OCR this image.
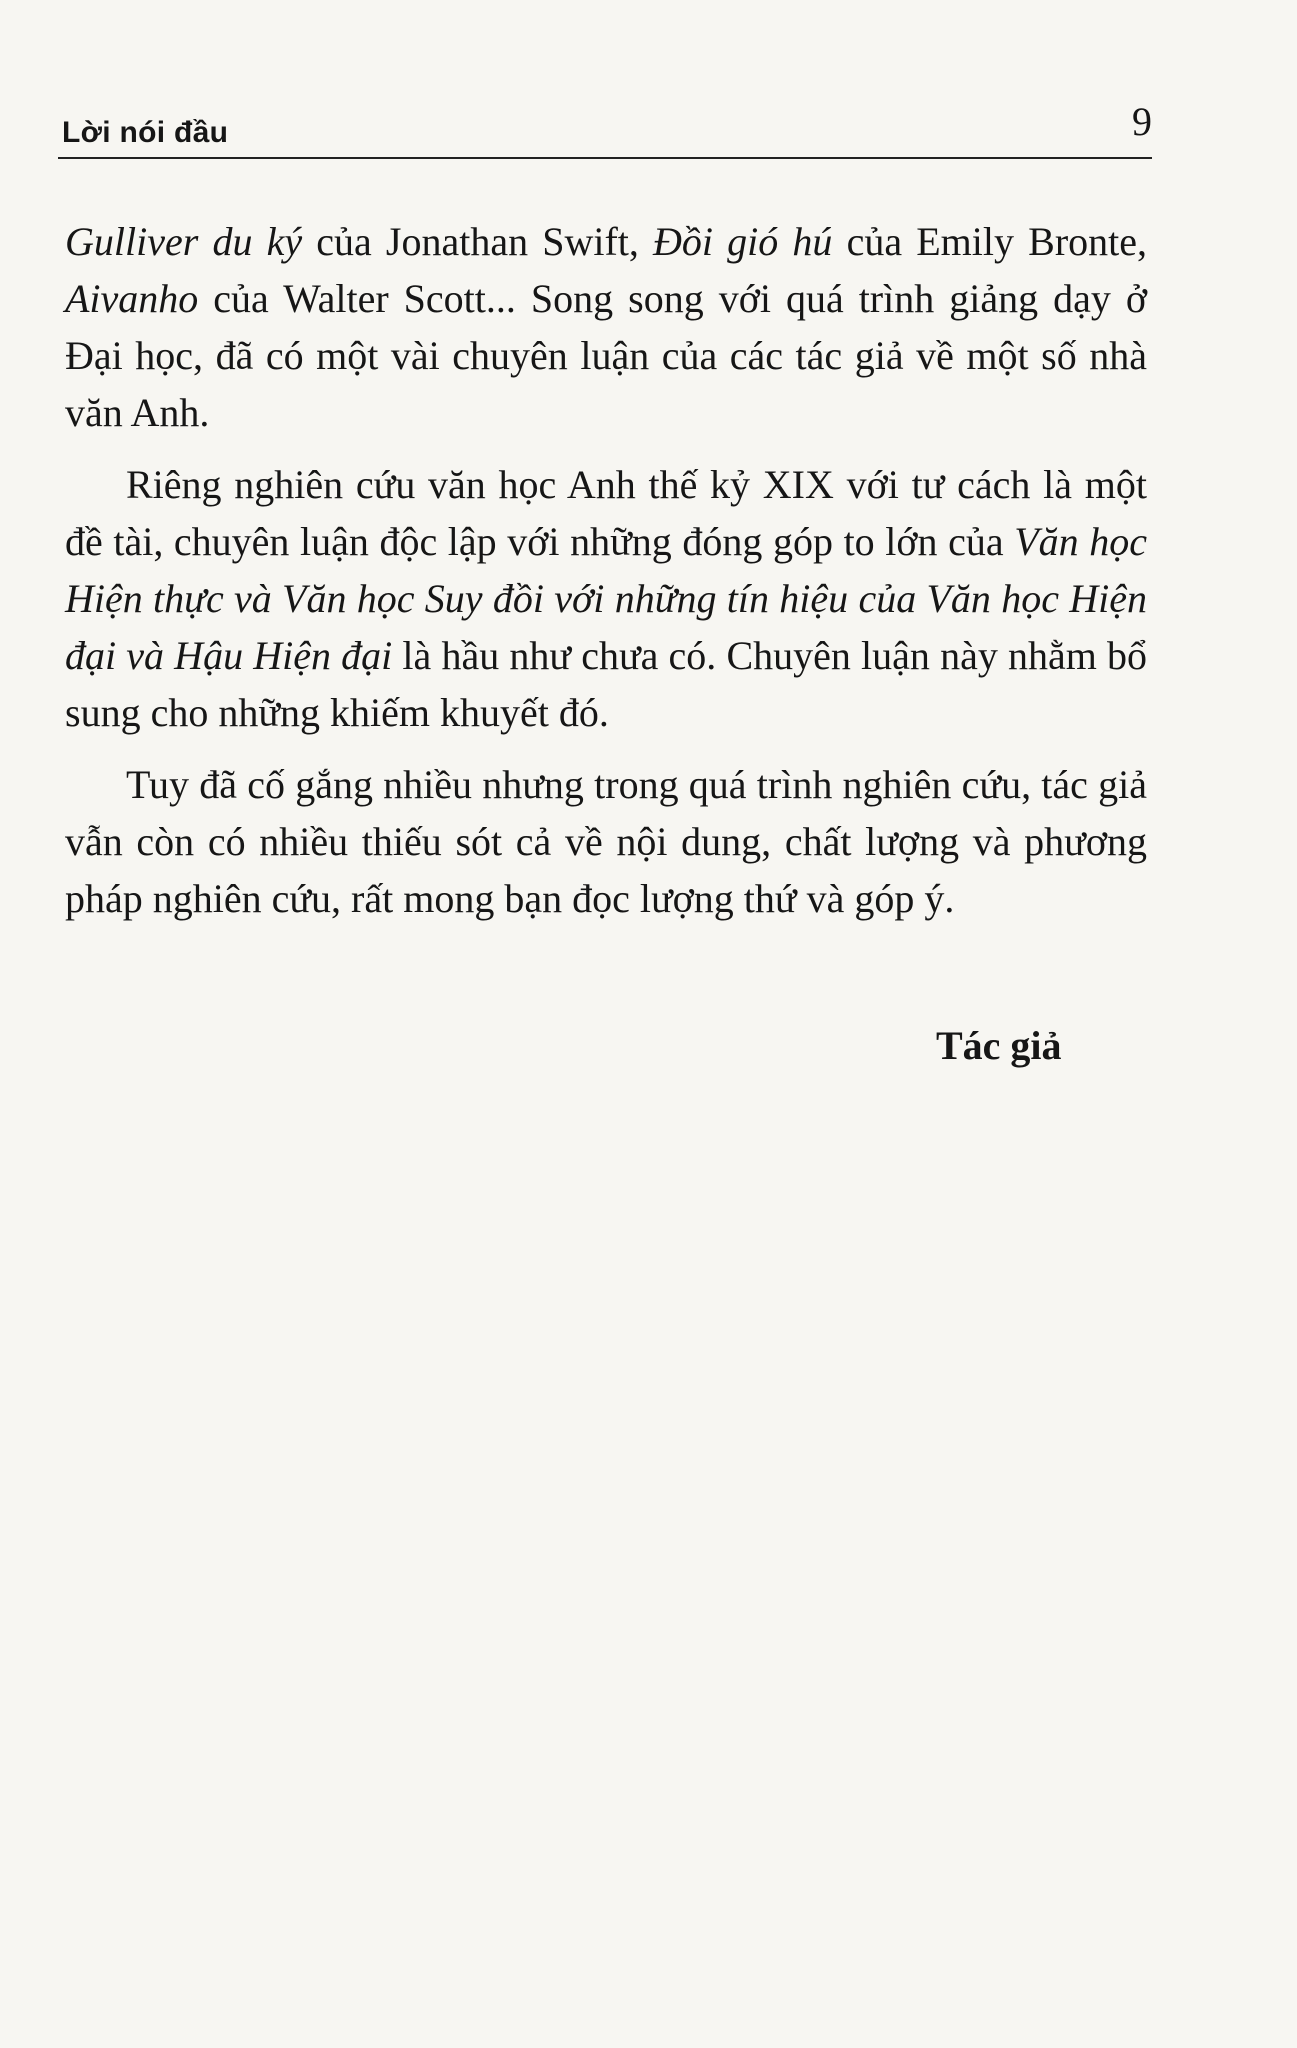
Lời nói đầu	9

Gulliver du ký của Jonathan Swift, Đồi gió hú của Emily Bronte, Aivanho của Walter Scott... Song song với quá trình giảng dạy ở Đại học, đã có một vài chuyên luận của các tác giả về một số nhà văn Anh.

Riêng nghiên cứu văn học Anh thế kỷ XIX với tư cách là một đề tài, chuyên luận độc lập với những đóng góp to lớn của Văn học Hiện thực và Văn học Suy đồi với những tín hiệu của Văn học Hiện đại và Hậu Hiện đại là hầu như chưa có. Chuyên luận này nhằm bổ sung cho những khiếm khuyết đó.

Tuy đã cố gắng nhiều nhưng trong quá trình nghiên cứu, tác giả vẫn còn có nhiều thiếu sót cả về nội dung, chất lượng và phương pháp nghiên cứu, rất mong bạn đọc lượng thứ và góp ý.

Tác giả
